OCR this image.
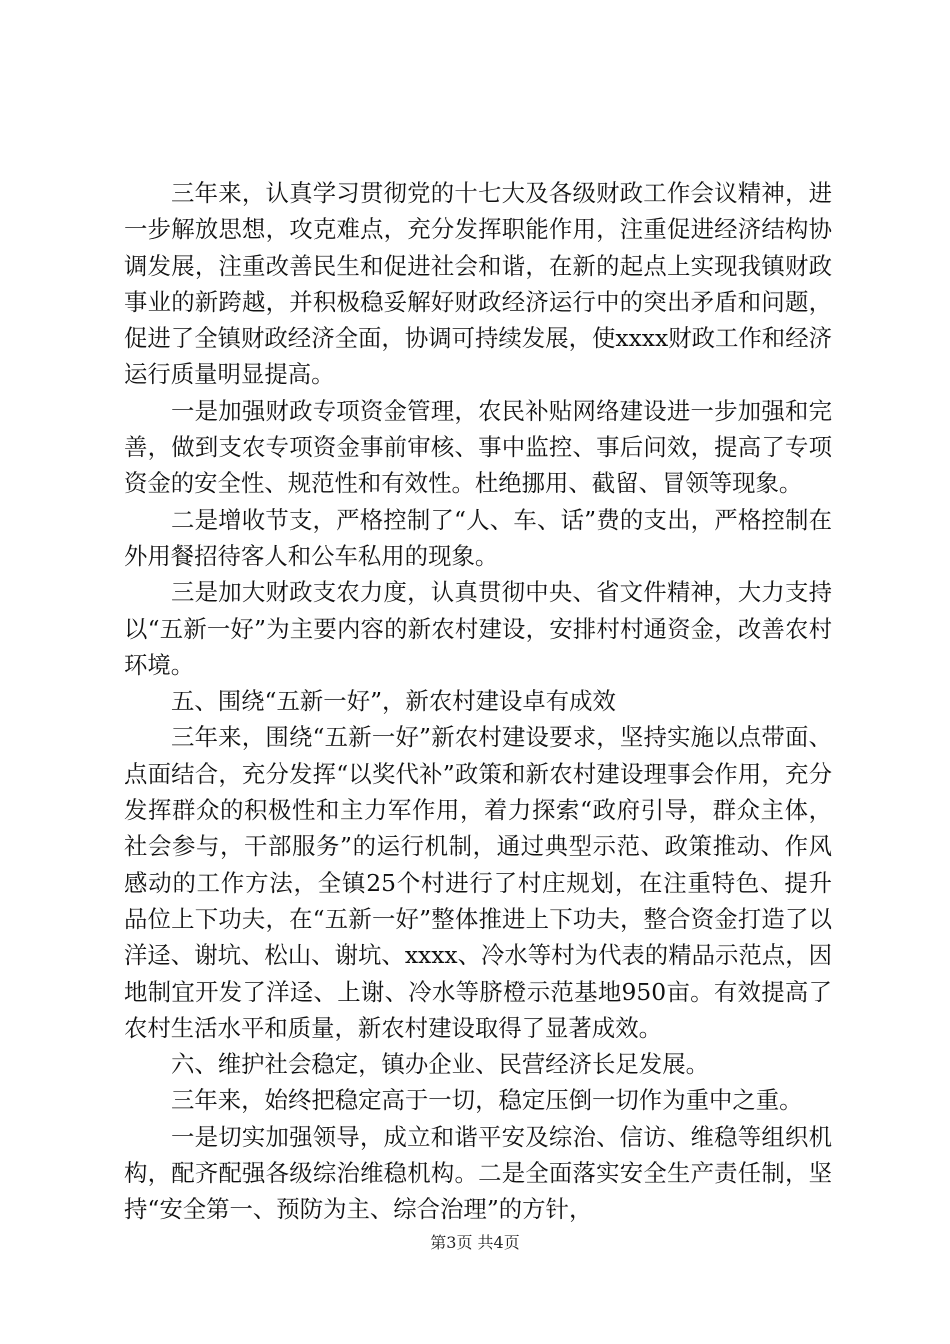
三年来，认真学习贯彻党的十七大及各级财政工作会议精神，进一步解放思想，攻克难点，充分发挥职能作用，注重促进经济结构协调发展，注重改善民生和促进社会和谐，在新的起点上实现我镇财政事业的新跨越，并积极稳妥解好财政经济运行中的突出矛盾和问题，促进了全镇财政经济全面，协调可持续发展，使xxxx财政工作和经济运行质量明显提高。

一是加强财政专项资金管理，农民补贴网络建设进一步加强和完善，做到支农专项资金事前审核、事中监控、事后问效，提高了专项资金的安全性、规范性和有效性。杜绝挪用、截留、冒领等现象。

二是增收节支，严格控制了“人、车、话”费的支出，严格控制在外用餐招待客人和公车私用的现象。

三是加大财政支农力度，认真贯彻中央、省文件精神，大力支持以“五新一好”为主要内容的新农村建设，安排村村通资金，改善农村环境。

五、围绕“五新一好”，新农村建设卓有成效

三年来，围绕“五新一好”新农村建设要求，坚持实施以点带面、点面结合，充分发挥“以奖代补”政策和新农村建设理事会作用，充分发挥群众的积极性和主力军作用，着力探索“政府引导，群众主体，社会参与，干部服务”的运行机制，通过典型示范、政策推动、作风感动的工作方法，全镇25个村进行了村庄规划，在注重特色、提升品位上下功夫，在“五新一好”整体推进上下功夫，整合资金打造了以洋迳、谢坑、松山、谢坑、xxxx、冷水等村为代表的精品示范点，因地制宜开发了洋迳、上谢、冷水等脐橙示范基地950亩。有效提高了农村生活水平和质量，新农村建设取得了显著成效。

六、维护社会稳定，镇办企业、民营经济长足发展。

三年来，始终把稳定高于一切，稳定压倒一切作为重中之重。

一是切实加强领导，成立和谐平安及综治、信访、维稳等组织机构，配齐配强各级综治维稳机构。二是全面落实安全生产责任制，坚持“安全第一、预防为主、综合治理”的方针，

第3页 共4页
